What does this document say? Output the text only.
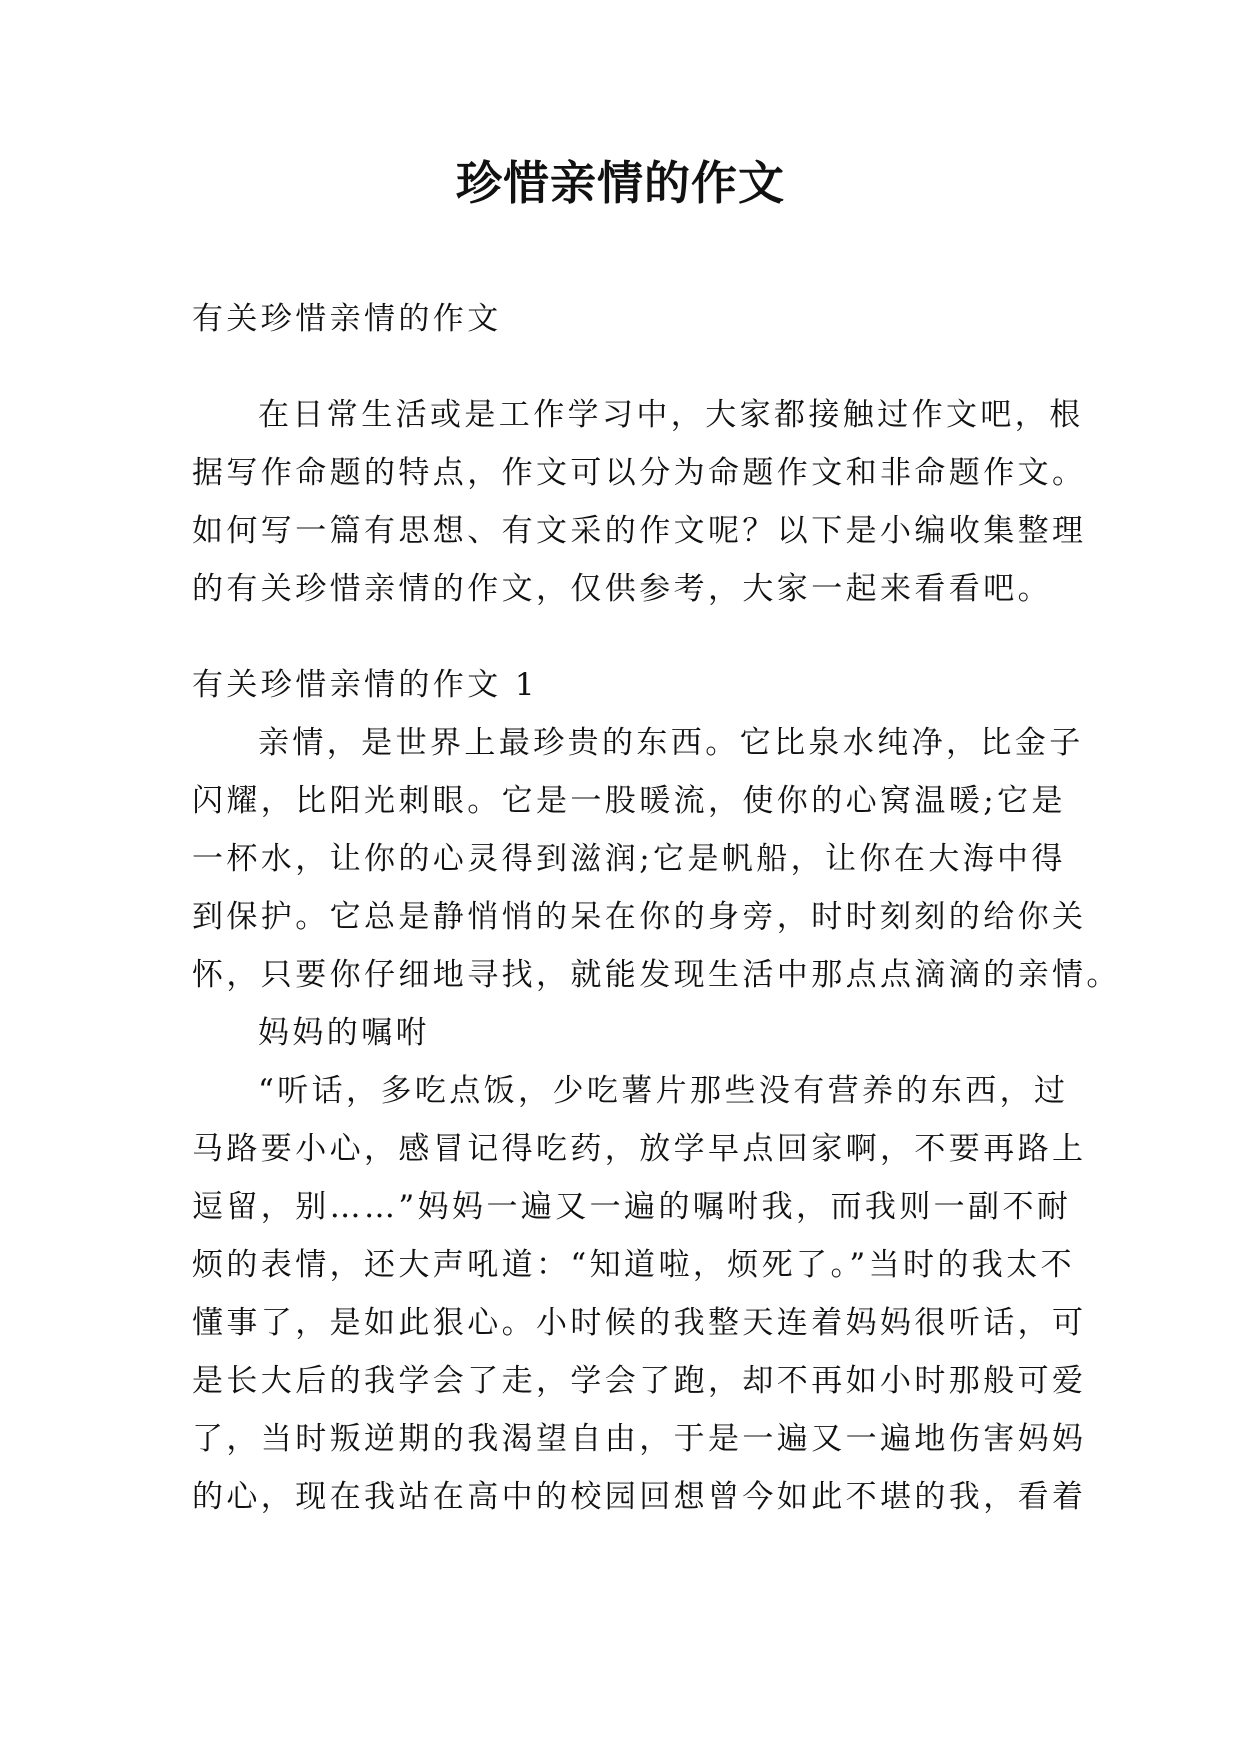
珍惜亲情的作文
有关珍惜亲情的作文
在日常生活或是工作学习中，大家都接触过作文吧，根
据写作命题的特点，作文可以分为命题作文和非命题作文。
如何写一篇有思想、有文采的作文呢？以下是小编收集整理
的有关珍惜亲情的作文，仅供参考，大家一起来看看吧。
有关珍惜亲情的作文 1
亲情，是世界上最珍贵的东西。它比泉水纯净，比金子
闪耀，比阳光刺眼。它是一股暖流，使你的心窝温暖;它是
一杯水，让你的心灵得到滋润;它是帆船，让你在大海中得
到保护。它总是静悄悄的呆在你的身旁，时时刻刻的给你关
怀，只要你仔细地寻找，就能发现生活中那点点滴滴的亲情。
妈妈的嘱咐
“听话，多吃点饭，少吃薯片那些没有营养的东西，过
马路要小心，感冒记得吃药，放学早点回家啊，不要再路上
逗留，别……”妈妈一遍又一遍的嘱咐我，而我则一副不耐
烦的表情，还大声吼道：“知道啦，烦死了。”当时的我太不
懂事了，是如此狠心。小时候的我整天连着妈妈很听话，可
是长大后的我学会了走，学会了跑，却不再如小时那般可爱
了，当时叛逆期的我渴望自由，于是一遍又一遍地伤害妈妈
的心，现在我站在高中的校园回想曾今如此不堪的我，看着
